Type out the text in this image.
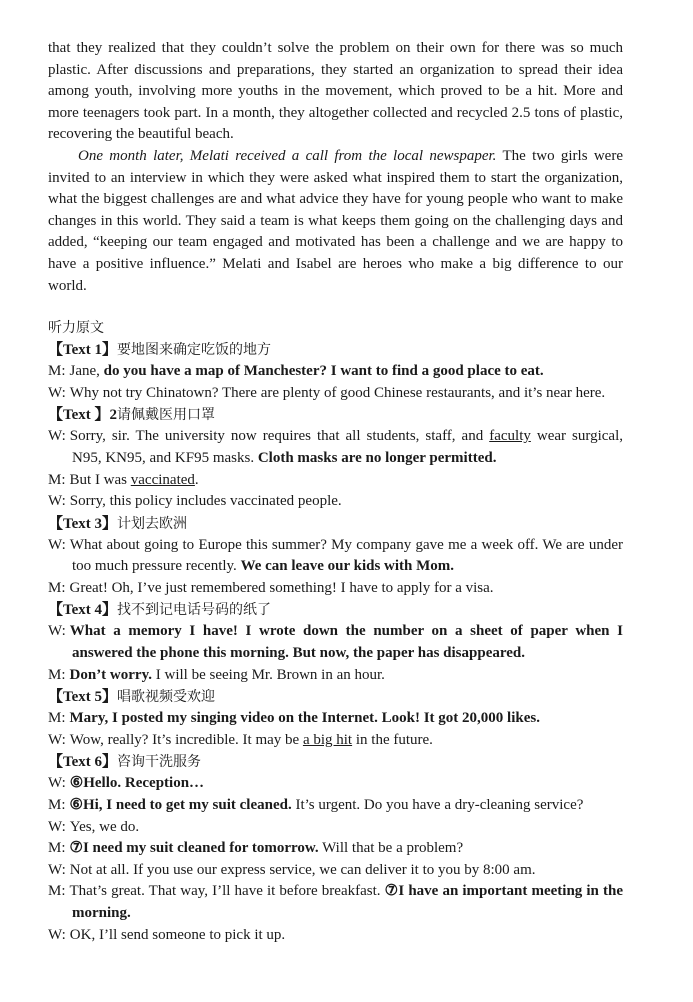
that they realized that they couldn’t solve the problem on their own for there was so much plastic. After discussions and preparations, they started an organization to spread their idea among youth, involving more youths in the movement, which proved to be a hit. More and more teenagers took part. In a month, they altogether collected and recycled 2.5 tons of plastic, recovering the beautiful beach.

One month later, Melati received a call from the local newspaper. The two girls were invited to an interview in which they were asked what inspired them to start the organization, what the biggest challenges are and what advice they have for young people who want to make changes in this world. They said a team is what keeps them going on the challenging days and added, “keeping our team engaged and motivated has been a challenge and we are happy to have a positive influence.” Melati and Isabel are heroes who make a big difference to our world.

听力原文

【Text 1】要地图来确定吃饭的地方

M: Jane, do you have a map of Manchester? I want to find a good place to eat.

W: Why not try Chinatown? There are plenty of good Chinese restaurants, and it’s near here.

【Text 】2请佩戴医用口罩

W: Sorry, sir. The university now requires that all students, staff, and faculty wear surgical, N95, KN95, and KF95 masks. Cloth masks are no longer permitted.

M: But I was vaccinated.

W: Sorry, this policy includes vaccinated people.

【Text 3】计划去欧洲

W: What about going to Europe this summer? My company gave me a week off. We are under too much pressure recently. We can leave our kids with Mom.

M: Great! Oh, I’ve just remembered something! I have to apply for a visa.

【Text 4】找不到记电话号码的纸了

W: What a memory I have! I wrote down the number on a sheet of paper when I answered the phone this morning. But now, the paper has disappeared.

M: Don’t worry. I will be seeing Mr. Brown in an hour.

【Text 5】唱歌视频受欢迎

M: Mary, I posted my singing video on the Internet. Look! It got 20,000 likes.

W: Wow, really? It’s incredible. It may be a big hit in the future.

【Text 6】咨询干洗服务

W: ⑥Hello. Reception…

M: ⑥Hi, I need to get my suit cleaned. It’s urgent. Do you have a dry-cleaning service?

W: Yes, we do.

M: ⑦I need my suit cleaned for tomorrow. Will that be a problem?

W: Not at all. If you use our express service, we can deliver it to you by 8:00 am.

M: That’s great. That way, I’ll have it before breakfast. ⑦I have an important meeting in the morning.

W: OK, I’ll send someone to pick it up.
